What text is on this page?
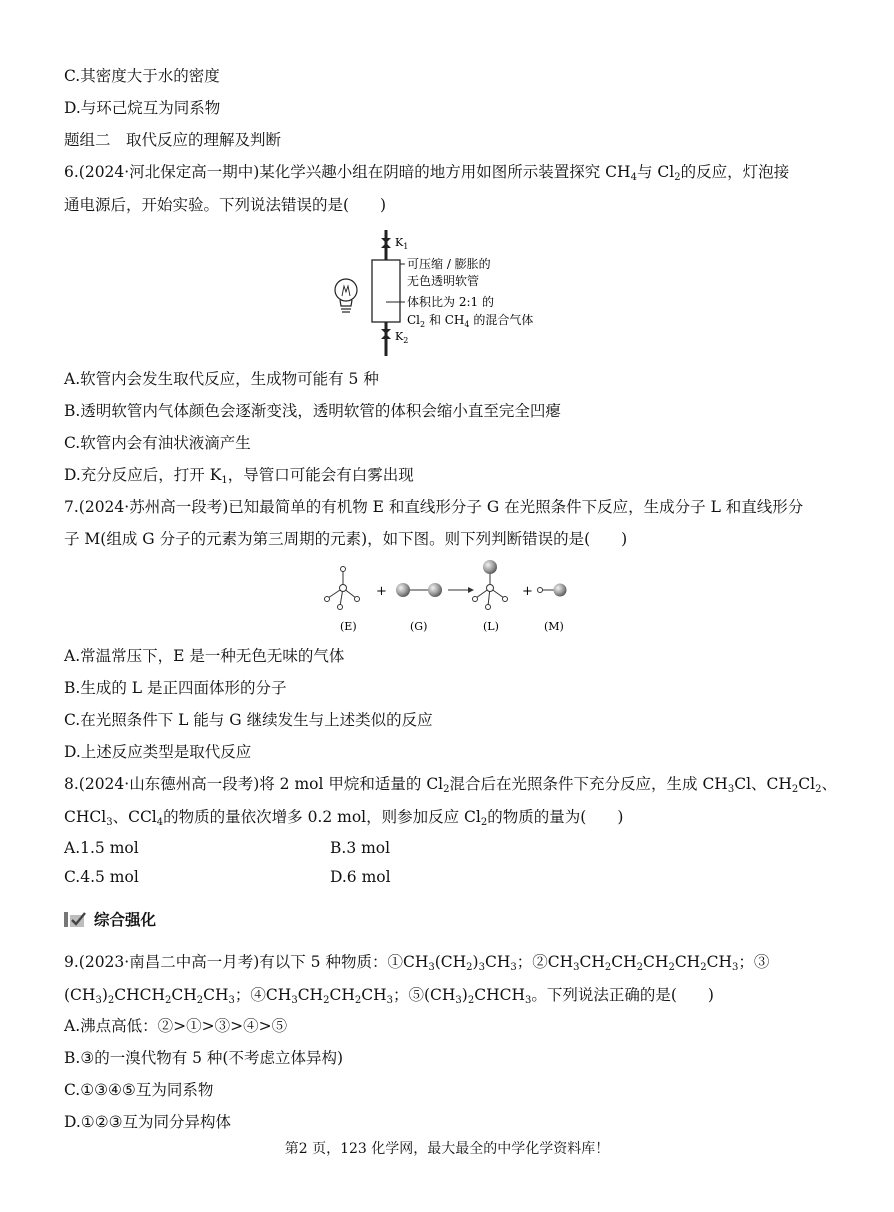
C.其密度大于水的密度
D.与环己烷互为同系物
题组二　取代反应的理解及判断
6.(2024·河北保定高一期中)某化学兴趣小组在阴暗的地方用如图所示装置探究 $CH_4$与 $Cl_2$的反应，灯泡接
通电源后，开始实验。下列说法错误的是(　　)
$K_1$
$K_2$
可压缩 / 膨胀的
无色透明软管
体积比为 2:1 的
$Cl_2$ 和 $CH_4$ 的混合气体
A.软管内会发生取代反应，生成物可能有 5 种
B.透明软管内气体颜色会逐渐变浅，透明软管的体积会缩小直至完全凹瘪
C.软管内会有油状液滴产生
D.充分反应后，打开 $K_1$，导管口可能会有白雾出现
7.(2024·苏州高一段考)已知最简单的有机物 E 和直线形分子 G 在光照条件下反应，生成分子 L 和直线形分
子 M(组成 G 分子的元素为第三周期的元素)，如下图。则下列判断错误的是(　　)
+	+
(E)	(G)	(L)	(M)
A.常温常压下，E 是一种无色无味的气体
B.生成的 L 是正四面体形的分子
C.在光照条件下 L 能与 G 继续发生与上述类似的反应
D.上述反应类型是取代反应
8.(2024·山东德州高一段考)将 2 mol 甲烷和适量的 $Cl_2$混合后在光照条件下充分反应，生成 $CH_3Cl$、$CH_2Cl_2$、
CHCl$_3$、CCl$_4$的物质的量依次增多 0.2 mol，则参加反应 $Cl_2$的物质的量为(　　)
A.1.5 mol	B.3 mol
C.4.5 mol	D.6 mol
综合强化
9.(2023·南昌二中高一月考)有以下 5 种物质：$①CH_3(CH_2)_3CH_3$；$②CH_3CH_2CH_2CH_2CH_2CH_3$；③
$(CH_3)_2CHCH_2CH_2CH_3$；$④CH_3CH_2CH_2CH_3$；$⑤(CH_3)_2CHCH_3$。下列说法正确的是(　　)
A.沸点高低：②>①>③>④>⑤
B.③的一溴代物有 5 种(不考虑立体异构)
C.①③④⑤互为同系物
D.①②③互为同分异构体
第2 页，123 化学网，最大最全的中学化学资料库！
